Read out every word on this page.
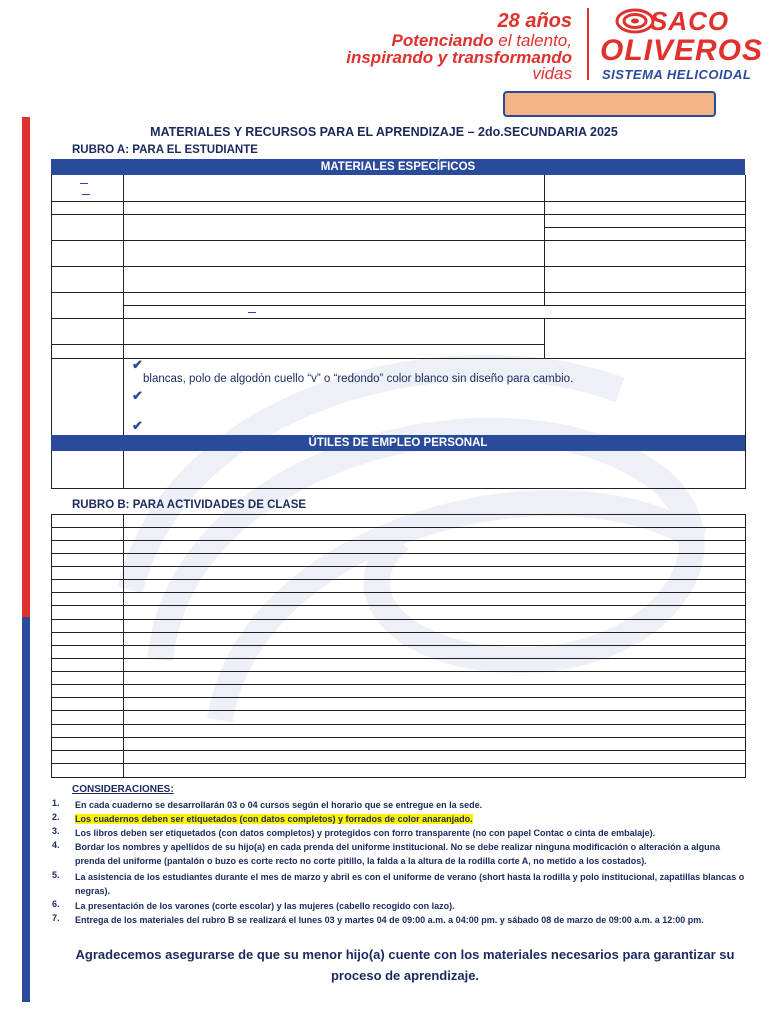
28 años
Potenciando el talento,
inspirando y transformando
vidas
SACO
OLIVEROS
SISTEMA HELICOIDAL
MATERIALES Y RECURSOS PARA EL APRENDIZAJE – 2do.SECUNDARIA 2025
RUBRO A: PARA EL ESTUDIANTE
MATERIALES ESPECÍFICOS
✔
blancas, polo de algodón cuello “v” o “redondo” color blanco sin diseño para cambio.
✔
✔
ÚTILES DE EMPLEO PERSONAL
RUBRO B: PARA ACTIVIDADES DE CLASE
CONSIDERACIONES:
1. En cada cuaderno se desarrollarán 03 o 04 cursos según el horario que se entregue en la sede.
2. Los cuadernos deben ser etiquetados (con datos completos) y forrados de color anaranjado.
3. Los libros deben ser etiquetados (con datos completos) y protegidos con forro transparente (no con papel Contac o cinta de embalaje).
4. Bordar los nombres y apellidos de su hijo(a) en cada prenda del uniforme institucional. No se debe realizar ninguna modificación o alteración a alguna prenda del uniforme (pantalón o buzo es corte recto no corte pitillo, la falda a la altura de la rodilla corte A, no metido a los costados).
5. La asistencia de los estudiantes durante el mes de marzo y abril es con el uniforme de verano (short hasta la rodilla y polo institucional, zapatillas blancas o negras).
6. La presentación de los varones (corte escolar) y las mujeres (cabello recogido con lazo).
7. Entrega de los materiales del rubro B se realizará el lunes 03 y martes 04 de 09:00 a.m. a 04:00 pm. y sábado 08 de marzo de 09:00 a.m. a 12:00 pm.
Agradecemos asegurarse de que su menor hijo(a) cuente con los materiales necesarios para garantizar su proceso de aprendizaje.
